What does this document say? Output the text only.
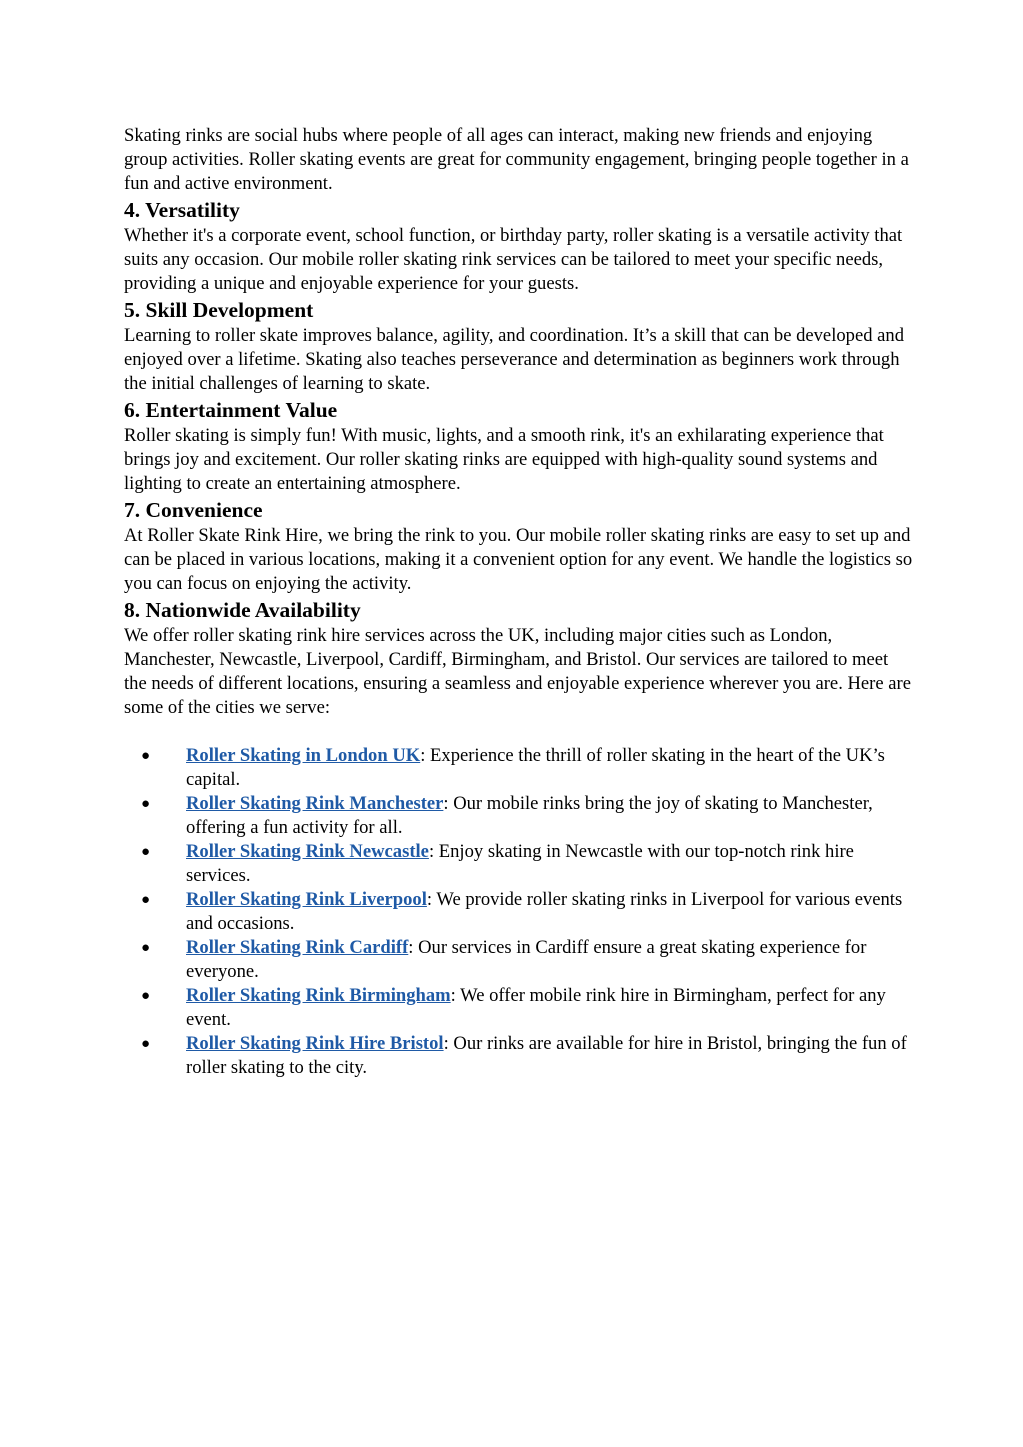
Skating rinks are social hubs where people of all ages can interact, making new friends and enjoying group activities. Roller skating events are great for community engagement, bringing people together in a fun and active environment.

4. Versatility

Whether it's a corporate event, school function, or birthday party, roller skating is a versatile activity that suits any occasion. Our mobile roller skating rink services can be tailored to meet your specific needs, providing a unique and enjoyable experience for your guests.

5. Skill Development

Learning to roller skate improves balance, agility, and coordination. It’s a skill that can be developed and enjoyed over a lifetime. Skating also teaches perseverance and determination as beginners work through the initial challenges of learning to skate.

6. Entertainment Value

Roller skating is simply fun! With music, lights, and a smooth rink, it's an exhilarating experience that brings joy and excitement. Our roller skating rinks are equipped with high-quality sound systems and lighting to create an entertaining atmosphere.

7. Convenience

At Roller Skate Rink Hire, we bring the rink to you. Our mobile roller skating rinks are easy to set up and can be placed in various locations, making it a convenient option for any event. We handle the logistics so you can focus on enjoying the activity.

8. Nationwide Availability

We offer roller skating rink hire services across the UK, including major cities such as London, Manchester, Newcastle, Liverpool, Cardiff, Birmingham, and Bristol. Our services are tailored to meet the needs of different locations, ensuring a seamless and enjoyable experience wherever you are. Here are some of the cities we serve:

● Roller Skating in London UK: Experience the thrill of roller skating in the heart of the UK’s capital.
● Roller Skating Rink Manchester: Our mobile rinks bring the joy of skating to Manchester, offering a fun activity for all.
● Roller Skating Rink Newcastle: Enjoy skating in Newcastle with our top-notch rink hire services.
● Roller Skating Rink Liverpool: We provide roller skating rinks in Liverpool for various events and occasions.
● Roller Skating Rink Cardiff: Our services in Cardiff ensure a great skating experience for everyone.
● Roller Skating Rink Birmingham: We offer mobile rink hire in Birmingham, perfect for any event.
● Roller Skating Rink Hire Bristol: Our rinks are available for hire in Bristol, bringing the fun of roller skating to the city.
